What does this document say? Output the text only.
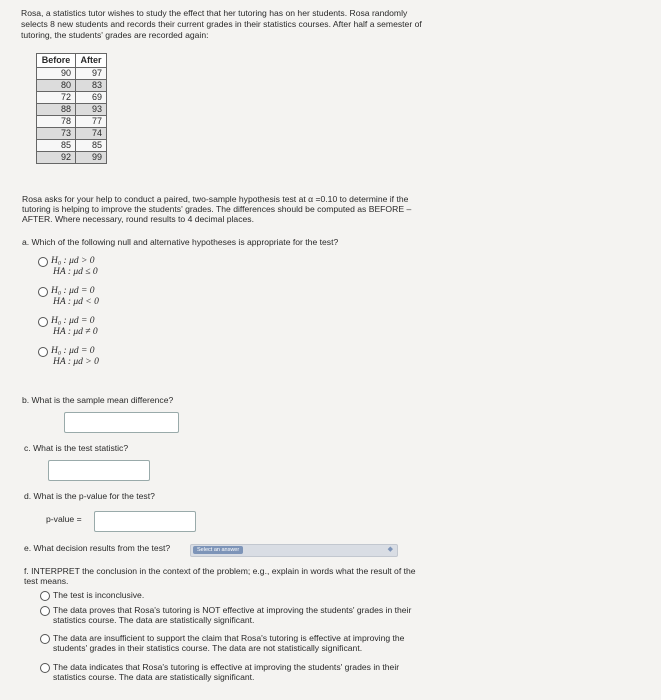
Rosa, a statistics tutor wishes to study the effect that her tutoring has on her students. Rosa randomly
selects 8 new students and records their current grades in their statistics courses. After half a semester of
tutoring, the students' grades are recorded again:
Before	After
90	97
80	83
72	69
88	93
78	77
73	74
85	85
92	99
Rosa asks for your help to conduct a paired, two-sample hypothesis test at α =0.10 to determine if the
tutoring is helping to improve the students' grades. The differences should be computed as BEFORE –
AFTER. Where necessary, round results to 4 decimal places.
a. Which of the following null and alternative hypotheses is appropriate for the test?
H₀ : μd > 0
HA : μd ≤ 0
H₀ : μd = 0
HA : μd < 0
H₀ : μd = 0
HA : μd ≠ 0
H₀ : μd = 0
HA : μd > 0
b. What is the sample mean difference?
c. What is the test statistic?
d. What is the p-value for the test?
p-value =
e. What decision results from the test?	Select an answer	◆
f. INTERPRET the conclusion in the context of the problem; e.g., explain in words what the result of the
test means.
The test is inconclusive.
The data proves that Rosa's tutoring is NOT effective at improving the students' grades in their
statistics course. The data are statistically significant.
The data are insufficient to support the claim that Rosa's tutoring is effective at improving the
students' grades in their statistics course. The data are not statistically significant.
The data indicates that Rosa's tutoring is effective at improving the students' grades in their
statistics course. The data are statistically significant.
